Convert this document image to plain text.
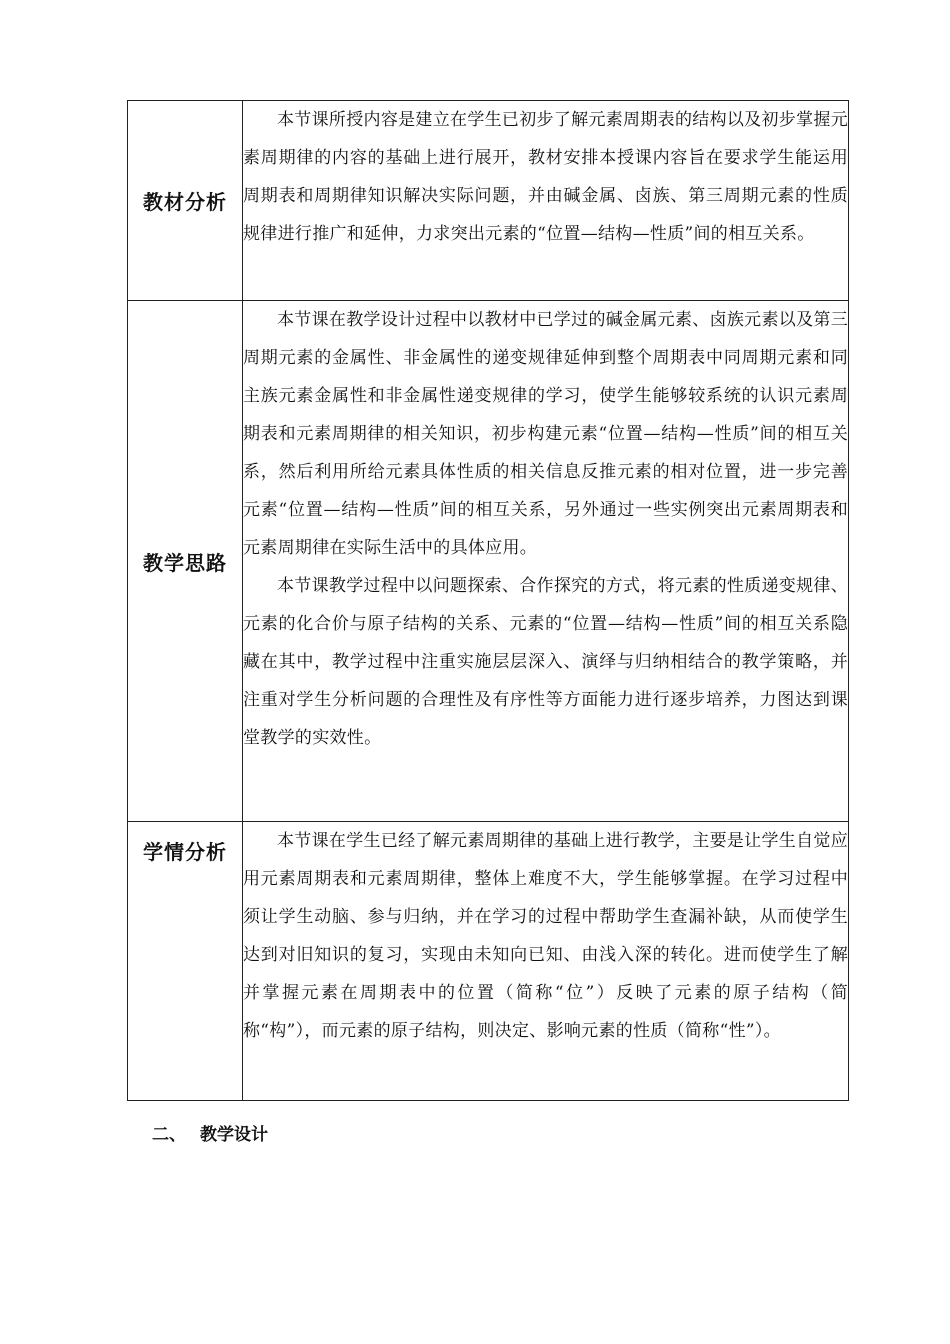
教材分析	本节课所授内容是建立在学生已初步了解元素周期表的结构以及初步掌握元素周期律的内容的基础上进行展开，教材安排本授课内容旨在要求学生能运用周期表和周期律知识解决实际问题，并由碱金属、卤族、第三周期元素的性质规律进行推广和延伸，力求突出元素的“位置—结构—性质”间的相互关系。

教学思路	本节课在教学设计过程中以教材中已学过的碱金属元素、卤族元素以及第三周期元素的金属性、非金属性的递变规律延伸到整个周期表中同周期元素和同主族元素金属性和非金属性递变规律的学习，使学生能够较系统的认识元素周期表和元素周期律的相关知识，初步构建元素“位置—结构—性质”间的相互关系，然后利用所给元素具体性质的相关信息反推元素的相对位置，进一步完善元素“位置—结构—性质”间的相互关系，另外通过一些实例突出元素周期表和元素周期律在实际生活中的具体应用。

本节课教学过程中以问题探索、合作探究的方式，将元素的性质递变规律、元素的化合价与原子结构的关系、元素的“位置—结构—性质”间的相互关系隐藏在其中，教学过程中注重实施层层深入、演绎与归纳相结合的教学策略，并注重对学生分析问题的合理性及有序性等方面能力进行逐步培养，力图达到课堂教学的实效性。

学情分析	本节课在学生已经了解元素周期律的基础上进行教学，主要是让学生自觉应用元素周期表和元素周期律，整体上难度不大，学生能够掌握。在学习过程中须让学生动脑、参与归纳，并在学习的过程中帮助学生查漏补缺，从而使学生达到对旧知识的复习，实现由未知向已知、由浅入深的转化。进而使学生了解并掌握元素在周期表中的位置（简称“位”）反映了元素的原子结构（简称“构”），而元素的原子结构，则决定、影响元素的性质（简称“性”）。

二、 教学设计
